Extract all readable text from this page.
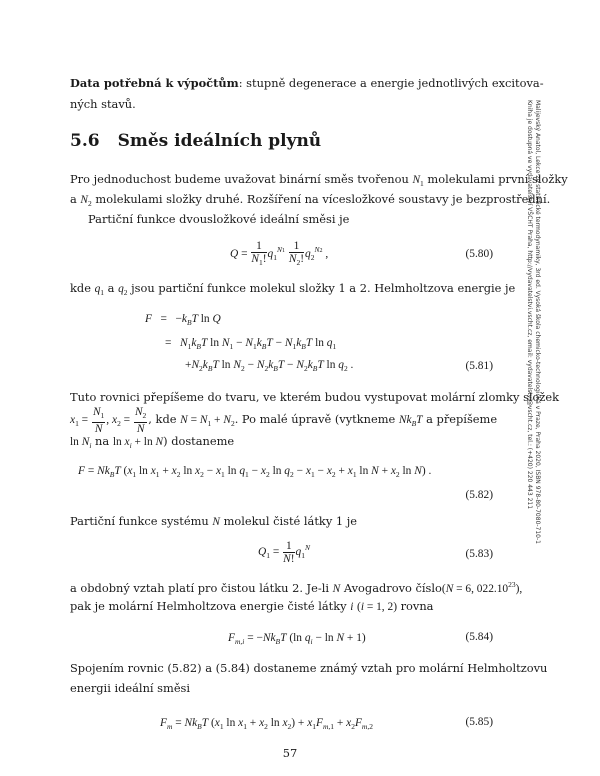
Malijevský Anatol, Lekce ze statistické termodynamiky, 3rd ed. Vysoká škola chemicko-technologická v Praze, Praha 2020, ISBN 978-80-7080-710-1
Kniha je dostupná ve vydavatelství VŠCHT Praha, http://vydavatelstvi.vscht.cz, email: vydavatelstvi@vscht.cz, tel.: (+420) 220 443 211
Data potřebná k výpočtům: stupně degenerace a energie jednotlivých excitova-
ných stavů.
5.6 Směs ideálních plynů
Pro jednoduchost budeme uvažovat binární směs tvořenou $N_1$ molekulami první složky
a $N_2$ molekulami složky druhé. Rozšíření na vícesložkové soustavy je bezprostřední.
Partiční funkce dvousložkové ideální směsi je
$Q = \frac{1}{N_1!} q_1^{N1} \frac{1}{N_2!} q_2^{N2}$ ,	(5.80)
kde $q_1$ a $q_2$ jsou partiční funkce molekul složky 1 a 2. Helmholtzova energie je
$F = -k_BT$ ln Q
=   $N_1k_BT$ $\ln N_1 - N_1k_BT - N_1k_BT$ $\ln q_1$
$+N_2k_BT$ $\ln N_2 - N_2k_BT - N_2k_BT$ $\ln q_2$ .	(5.81)
Tuto rovnici přepíšeme do tvaru, ve kterém budou vystupovat molární zlomky složek
$x_1 = \frac{N_1}{N}$ , $x_2 = \frac{N_2}{N}$ , kde $N = N_1 + N_2$. Po malé úpravě (vytkneme $Nk_BT$ a přepíšeme
$\ln N_i$ na $\ln x_i + \ln N$) dostaneme
$F = Nk_BT$ ($x_1$ $\ln x_1 + x_2$ $\ln x_2 - x_1$ $\ln q_1 - x_2$ $\ln q_2 - x_1 - x_2 + x_1$ $\ln N + x_2$ ln N) .
(5.82)
Partiční funkce systému N molekul čisté látky 1 je
$Q_1 = \frac{1}{N!} q_1^N$
(5.83)
a obdobný vztah platí pro čistou látku 2. Je-li N Avogadrovo číslo(N = 6, 022.10$^{23}$),
pak je molární Helmholtzova energie čisté látky i (i = 1, 2) rovna
$F_{m,i} = -Nk_BT$ (ln $q_i - \ln N + 1$)	(5.84)
Spojením rovnic (5.82) a (5.84) dostaneme známý vztah pro molární Helmholtzovu
energii ideální směsi
$F_m = Nk_BT$ ($x_1$ $\ln x_1 + x_2$ $\ln x_2) + x_1F_{m,1} + x_2F_{m,2}$	(5.85)
57
